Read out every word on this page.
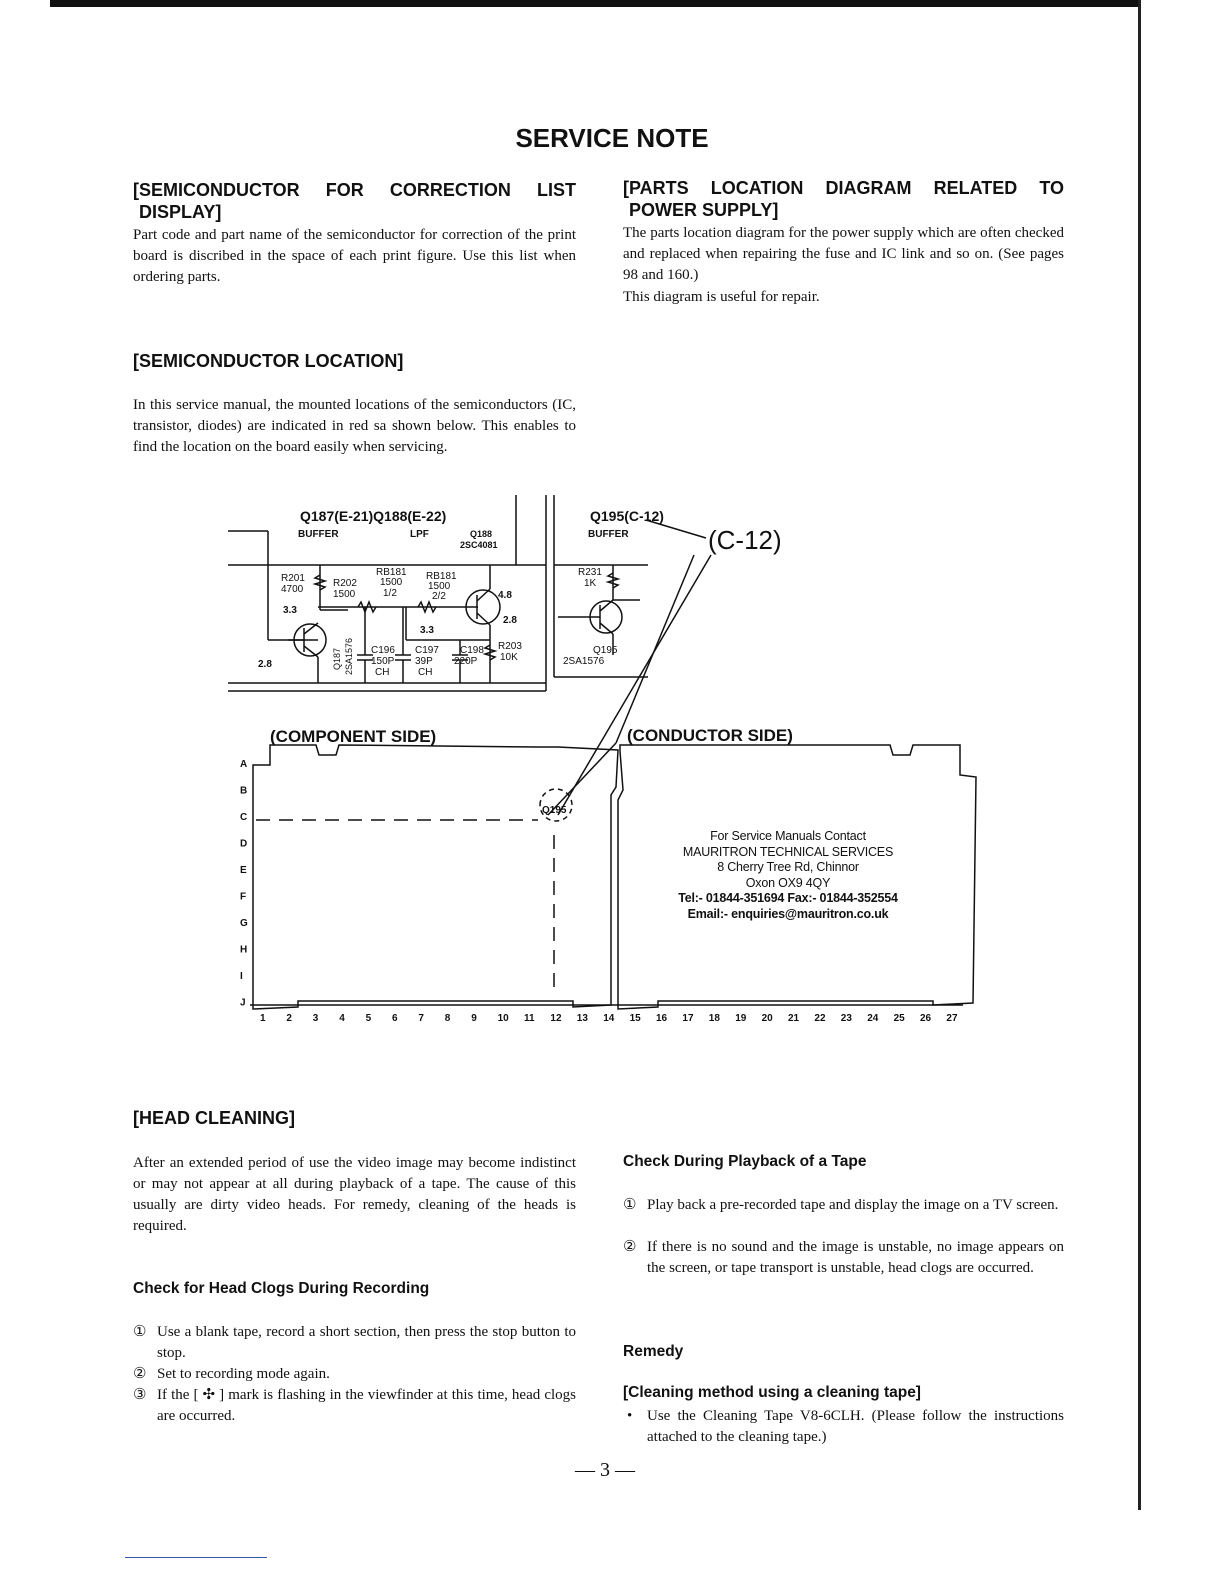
SERVICE NOTE
[SEMICONDUCTOR FOR CORRECTION LIST
DISPLAY]
Part code and part name of the semiconductor for correction of the print board is discribed in the space of each print figure. Use this list when ordering parts.
[PARTS LOCATION DIAGRAM RELATED TO
POWER SUPPLY]
The parts location diagram for the power supply which are often checked and replaced when repairing the fuse and IC link and so on. (See pages 98 and 160.)
This diagram is useful for repair.
[SEMICONDUCTOR LOCATION]
In this service manual, the mounted locations of the semiconductors (IC, transistor, diodes) are indicated in red sa shown below. This enables to find the location on the board easily when servicing.
Q187(E-21)Q188(E-22)
BUFFER	LPF	Q188
2SC4081
Q195(C-12)
BUFFER	(C-12)
R201
4700
R202
1500
RB181
1500
1/2
RB181
1500
2/2
3.3
3.3
2.8
2.8
4.8
Q187 2SA1576 C196
150P
CH
C197
39P
CH
C198
220P
R203
10K
R231
1K
Q195
2SA1576
(COMPONENT SIDE)	(CONDUCTOR SIDE)
Q195
A
B
C
D
E
F
G
H
I
J
1 2 3 4 5 6 7 8 9 10 11 12 13 14 15 16 17 18 19 20 21 22 23 24 25 26 27
For Service Manuals Contact
MAURITRON TECHNICAL SERVICES
8 Cherry Tree Rd, Chinnor
Oxon OX9 4QY
Tel:- 01844-351694 Fax:- 01844-352554
Email:- enquiries@mauritron.co.uk
[HEAD CLEANING]
After an extended period of use the video image may become indistinct or may not appear at all during playback of a tape. The cause of this usually are dirty video heads. For remedy, cleaning of the heads is required.
Check for Head Clogs During Recording
① Use a blank tape, record a short section, then press the stop button to stop.
② Set to recording mode again.
③ If the [ ✣ ] mark is flashing in the viewfinder at this time, head clogs are occurred.
Check During Playback of a Tape
① Play back a pre-recorded tape and display the image on a TV screen.
② If there is no sound and the image is unstable, no image appears on the screen, or tape transport is unstable, head clogs are occurred.
Remedy
[Cleaning method using a cleaning tape]
• Use the Cleaning Tape V8-6CLH. (Please follow the instructions attached to the cleaning tape.)
— 3 —
